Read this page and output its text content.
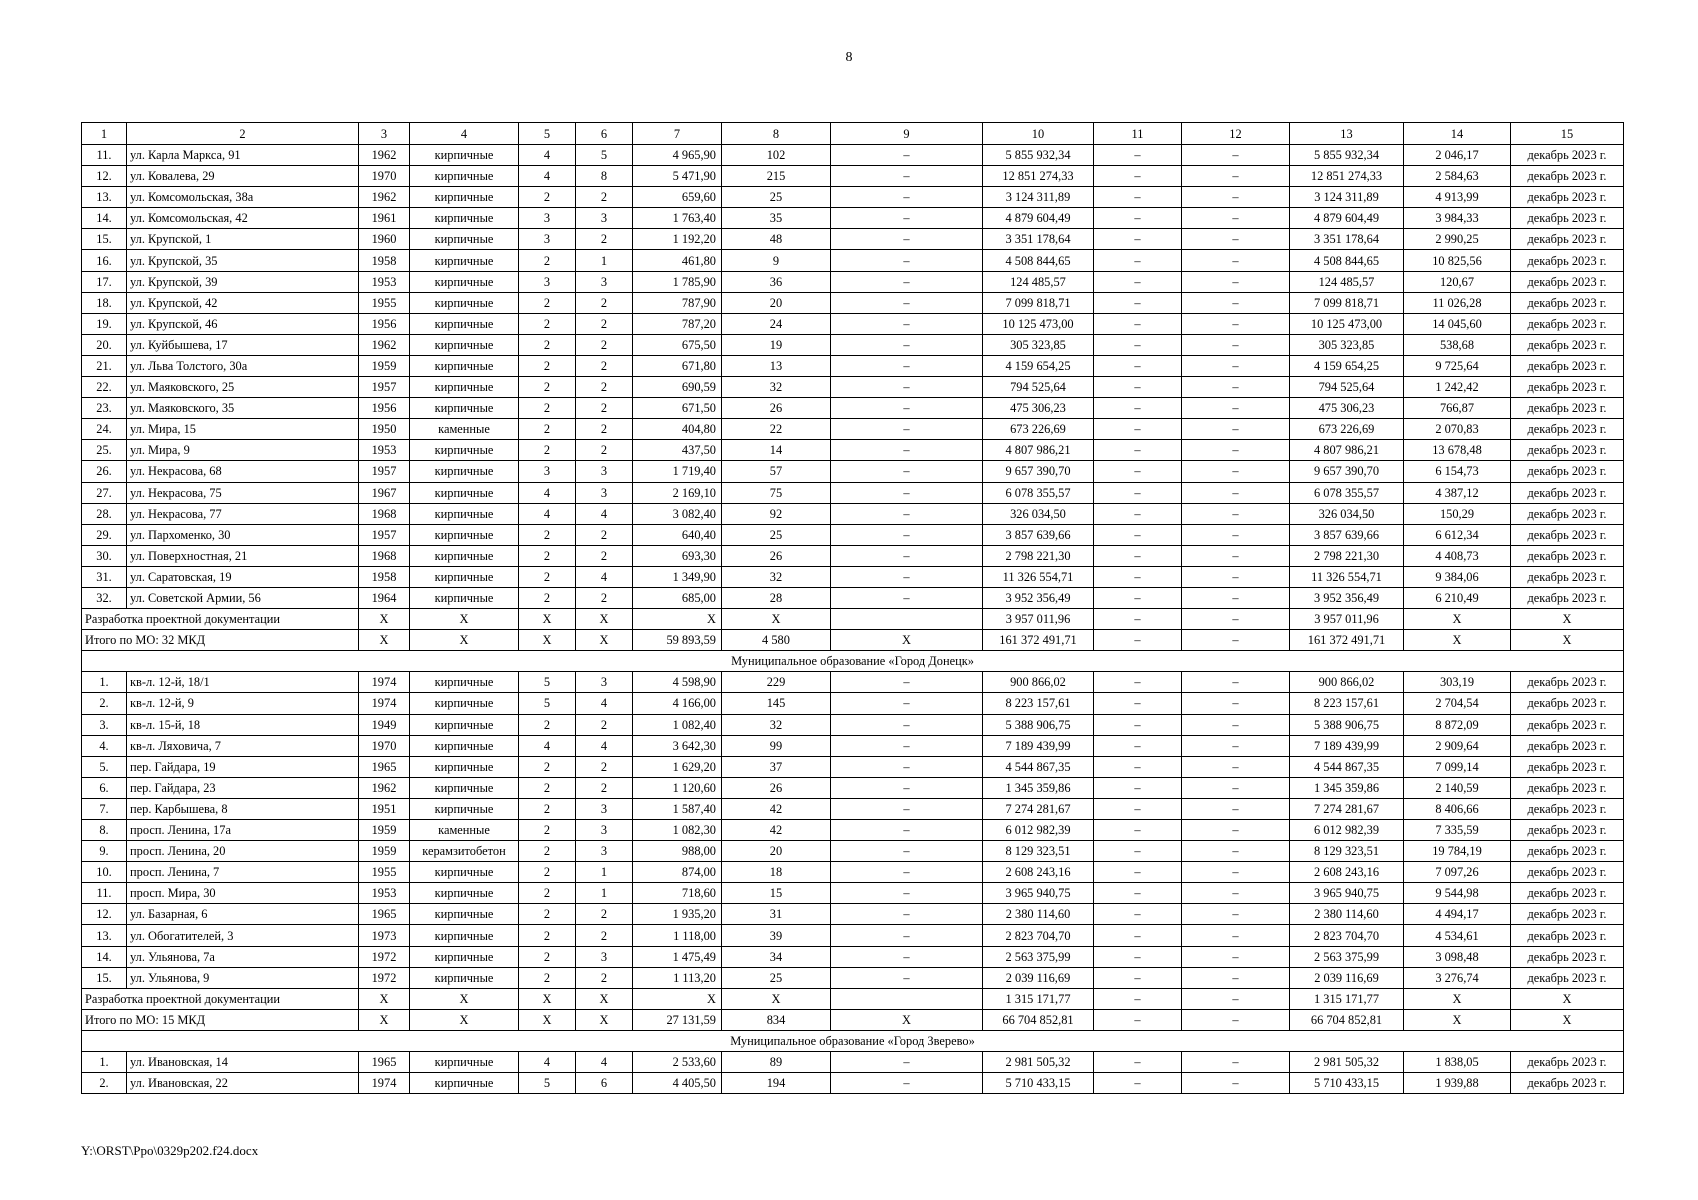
8
1	2	3	4	5	6	7	8	9	10	11	12	13	14	15
11.	ул. Карла Маркса, 91	1962	кирпичные	4	5	4 965,90	102	–	5 855 932,34	–	–	5 855 932,34	2 046,17	декабрь 2023 г.
12.	ул. Ковалева, 29	1970	кирпичные	4	8	5 471,90	215	–	12 851 274,33	–	–	12 851 274,33	2 584,63	декабрь 2023 г.
13.	ул. Комсомольская, 38а	1962	кирпичные	2	2	659,60	25	–	3 124 311,89	–	–	3 124 311,89	4 913,99	декабрь 2023 г.
14.	ул. Комсомольская, 42	1961	кирпичные	3	3	1 763,40	35	–	4 879 604,49	–	–	4 879 604,49	3 984,33	декабрь 2023 г.
15.	ул. Крупской, 1	1960	кирпичные	3	2	1 192,20	48	–	3 351 178,64	–	–	3 351 178,64	2 990,25	декабрь 2023 г.
16.	ул. Крупской, 35	1958	кирпичные	2	1	461,80	9	–	4 508 844,65	–	–	4 508 844,65	10 825,56	декабрь 2023 г.
17.	ул. Крупской, 39	1953	кирпичные	3	3	1 785,90	36	–	124 485,57	–	–	124 485,57	120,67	декабрь 2023 г.
18.	ул. Крупской, 42	1955	кирпичные	2	2	787,90	20	–	7 099 818,71	–	–	7 099 818,71	11 026,28	декабрь 2023 г.
19.	ул. Крупской, 46	1956	кирпичные	2	2	787,20	24	–	10 125 473,00	–	–	10 125 473,00	14 045,60	декабрь 2023 г.
20.	ул. Куйбышева, 17	1962	кирпичные	2	2	675,50	19	–	305 323,85	–	–	305 323,85	538,68	декабрь 2023 г.
21.	ул. Льва Толстого, 30а	1959	кирпичные	2	2	671,80	13	–	4 159 654,25	–	–	4 159 654,25	9 725,64	декабрь 2023 г.
22.	ул. Маяковского, 25	1957	кирпичные	2	2	690,59	32	–	794 525,64	–	–	794 525,64	1 242,42	декабрь 2023 г.
23.	ул. Маяковского, 35	1956	кирпичные	2	2	671,50	26	–	475 306,23	–	–	475 306,23	766,87	декабрь 2023 г.
24.	ул. Мира, 15	1950	каменные	2	2	404,80	22	–	673 226,69	–	–	673 226,69	2 070,83	декабрь 2023 г.
25.	ул. Мира, 9	1953	кирпичные	2	2	437,50	14	–	4 807 986,21	–	–	4 807 986,21	13 678,48	декабрь 2023 г.
26.	ул. Некрасова, 68	1957	кирпичные	3	3	1 719,40	57	–	9 657 390,70	–	–	9 657 390,70	6 154,73	декабрь 2023 г.
27.	ул. Некрасова, 75	1967	кирпичные	4	3	2 169,10	75	–	6 078 355,57	–	–	6 078 355,57	4 387,12	декабрь 2023 г.
28.	ул. Некрасова, 77	1968	кирпичные	4	4	3 082,40	92	–	326 034,50	–	–	326 034,50	150,29	декабрь 2023 г.
29.	ул. Пархоменко, 30	1957	кирпичные	2	2	640,40	25	–	3 857 639,66	–	–	3 857 639,66	6 612,34	декабрь 2023 г.
30.	ул. Поверхностная, 21	1968	кирпичные	2	2	693,30	26	–	2 798 221,30	–	–	2 798 221,30	4 408,73	декабрь 2023 г.
31.	ул. Саратовская, 19	1958	кирпичные	2	4	1 349,90	32	–	11 326 554,71	–	–	11 326 554,71	9 384,06	декабрь 2023 г.
32.	ул. Советской Армии, 56	1964	кирпичные	2	2	685,00	28	–	3 952 356,49	–	–	3 952 356,49	6 210,49	декабрь 2023 г.
Разработка проектной документации		X	X	X	X	X	X		3 957 011,96	–	–	3 957 011,96	X	X
Итого по МО: 32 МКД		X	X	X	X	59 893,59	4 580	X	161 372 491,71	–	–	161 372 491,71	X	X
Муниципальное образование «Город Донецк»														
1.	кв-л. 12-й, 18/1	1974	кирпичные	5	3	4 598,90	229	–	900 866,02	–	–	900 866,02	303,19	декабрь 2023 г.
2.	кв-л. 12-й, 9	1974	кирпичные	5	4	4 166,00	145	–	8 223 157,61	–	–	8 223 157,61	2 704,54	декабрь 2023 г.
3.	кв-л. 15-й, 18	1949	кирпичные	2	2	1 082,40	32	–	5 388 906,75	–	–	5 388 906,75	8 872,09	декабрь 2023 г.
4.	кв-л. Ляховича, 7	1970	кирпичные	4	4	3 642,30	99	–	7 189 439,99	–	–	7 189 439,99	2 909,64	декабрь 2023 г.
5.	пер. Гайдара, 19	1965	кирпичные	2	2	1 629,20	37	–	4 544 867,35	–	–	4 544 867,35	7 099,14	декабрь 2023 г.
6.	пер. Гайдара, 23	1962	кирпичные	2	2	1 120,60	26	–	1 345 359,86	–	–	1 345 359,86	2 140,59	декабрь 2023 г.
7.	пер. Карбышева, 8	1951	кирпичные	2	3	1 587,40	42	–	7 274 281,67	–	–	7 274 281,67	8 406,66	декабрь 2023 г.
8.	просп. Ленина, 17а	1959	каменные	2	3	1 082,30	42	–	6 012 982,39	–	–	6 012 982,39	7 335,59	декабрь 2023 г.
9.	просп. Ленина, 20	1959	керамзитобетон	2	3	988,00	20	–	8 129 323,51	–	–	8 129 323,51	19 784,19	декабрь 2023 г.
10.	просп. Ленина, 7	1955	кирпичные	2	1	874,00	18	–	2 608 243,16	–	–	2 608 243,16	7 097,26	декабрь 2023 г.
11.	просп. Мира, 30	1953	кирпичные	2	1	718,60	15	–	3 965 940,75	–	–	3 965 940,75	9 544,98	декабрь 2023 г.
12.	ул. Базарная, 6	1965	кирпичные	2	2	1 935,20	31	–	2 380 114,60	–	–	2 380 114,60	4 494,17	декабрь 2023 г.
13.	ул. Обогатителей, 3	1973	кирпичные	2	2	1 118,00	39	–	2 823 704,70	–	–	2 823 704,70	4 534,61	декабрь 2023 г.
14.	ул. Ульянова, 7а	1972	кирпичные	2	3	1 475,49	34	–	2 563 375,99	–	–	2 563 375,99	3 098,48	декабрь 2023 г.
15.	ул. Ульянова, 9	1972	кирпичные	2	2	1 113,20	25	–	2 039 116,69	–	–	2 039 116,69	3 276,74	декабрь 2023 г.
Разработка проектной документации		X	X	X	X	X	X		1 315 171,77	–	–	1 315 171,77	X	X
Итого по МО: 15 МКД		X	X	X	X	27 131,59	834	X	66 704 852,81	–	–	66 704 852,81	X	X
Муниципальное образование «Город Зверево»														
1.	ул. Ивановская, 14	1965	кирпичные	4	4	2 533,60	89	–	2 981 505,32	–	–	2 981 505,32	1 838,05	декабрь 2023 г.
2.	ул. Ивановская, 22	1974	кирпичные	5	6	4 405,50	194	–	5 710 433,15	–	–	5 710 433,15	1 939,88	декабрь 2023 г.
Y:\ORST\Ppo\0329p202.f24.docx
